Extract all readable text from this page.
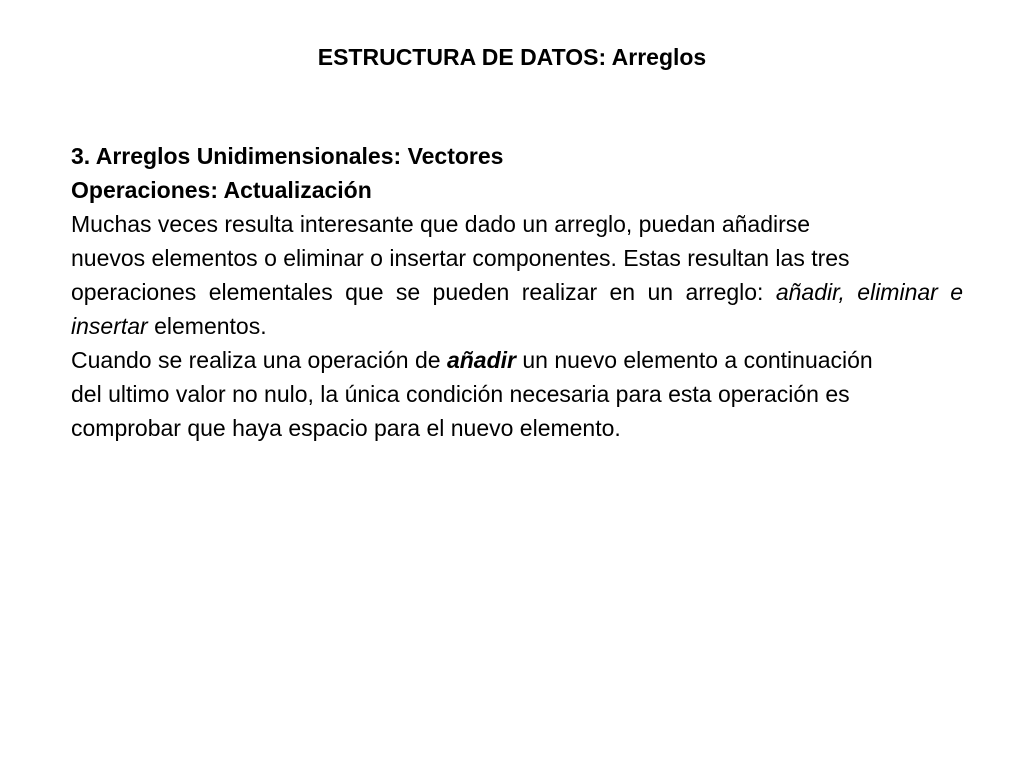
ESTRUCTURA DE DATOS: Arreglos

3. Arreglos Unidimensionales: Vectores

Operaciones: Actualización

Muchas veces resulta interesante que dado un arreglo, puedan añadirse

nuevos elementos o eliminar o insertar componentes. Estas resultan las tres

operaciones elementales que se pueden realizar en un arreglo: añadir, eliminar e insertar elementos.

Cuando se realiza una operación de añadir un nuevo elemento a continuación

del ultimo valor no nulo, la única condición necesaria para esta operación es

comprobar que haya espacio para el nuevo elemento.
